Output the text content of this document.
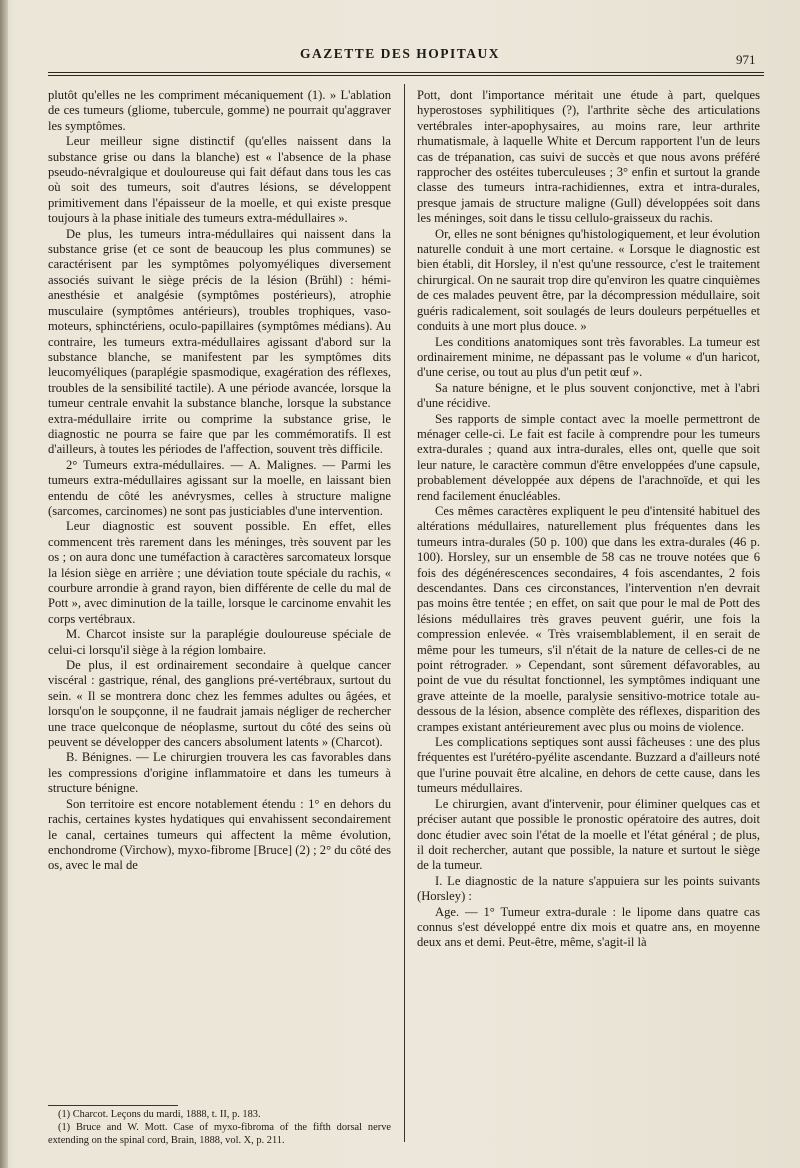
GAZETTE DES HOPITAUX	971

plutôt qu'elles ne les compriment mécaniquement (1). » L'ablation de ces tumeurs (gliome, tubercule, gomme) ne pourrait qu'aggraver les symptômes.

Leur meilleur signe distinctif (qu'elles naissent dans la substance grise ou dans la blanche) est « l'absence de la phase pseudo-névralgique et douloureuse qui fait défaut dans tous les cas où soit des tumeurs, soit d'autres lésions, se développent primitivement dans l'épaisseur de la moelle, et qui existe presque toujours à la phase initiale des tumeurs extra-médullaires ».

De plus, les tumeurs intra-médullaires qui naissent dans la substance grise (et ce sont de beaucoup les plus communes) se caractérisent par les symptômes polyomyéliques diversement associés suivant le siège précis de la lésion (Brühl) : hémi-anesthésie et analgésie (symptômes postérieurs), atrophie musculaire (symptômes antérieurs), troubles trophiques, vaso-moteurs, sphinctériens, oculo-papillaires (symptômes médians). Au contraire, les tumeurs extra-médullaires agissant d'abord sur la substance blanche, se manifestent par les symptômes dits leucomyéliques (paraplégie spasmodique, exagération des réflexes, troubles de la sensibilité tactile). A une période avancée, lorsque la tumeur centrale envahit la substance blanche, lorsque la substance extra-médullaire irrite ou comprime la substance grise, le diagnostic ne pourra se faire que par les commémoratifs. Il est d'ailleurs, à toutes les périodes de l'affection, souvent très difficile.

2° Tumeurs extra-médullaires. — A. Malignes. — Parmi les tumeurs extra-médullaires agissant sur la moelle, en laissant bien entendu de côté les anévrysmes, celles à structure maligne (sarcomes, carcinomes) ne sont pas justiciables d'une intervention.

Leur diagnostic est souvent possible. En effet, elles commencent très rarement dans les méninges, très souvent par les os ; on aura donc une tuméfaction à caractères sarcomateux lorsque la lésion siège en arrière ; une déviation toute spéciale du rachis, « courbure arrondie à grand rayon, bien différente de celle du mal de Pott », avec diminution de la taille, lorsque le carcinome envahit les corps vertébraux.

M. Charcot insiste sur la paraplégie douloureuse spéciale de celui-ci lorsqu'il siège à la région lombaire.

De plus, il est ordinairement secondaire à quelque cancer viscéral : gastrique, rénal, des ganglions pré-vertébraux, surtout du sein. « Il se montrera donc chez les femmes adultes ou âgées, et lorsqu'on le soupçonne, il ne faudrait jamais négliger de rechercher une trace quelconque de néoplasme, surtout du côté des seins où peuvent se développer des cancers absolument latents » (Charcot).

B. Bénignes. — Le chirurgien trouvera les cas favorables dans les compressions d'origine inflammatoire et dans les tumeurs à structure bénigne.

Son territoire est encore notablement étendu : 1° en dehors du rachis, certaines kystes hydatiques qui envahissent secondairement le canal, certaines tumeurs qui affectent la même évolution, enchondrome (Virchow), myxo-fibrome [Bruce] (2) ; 2° du côté des os, avec le mal de

Pott, dont l'importance méritait une étude à part, quelques hyperostoses syphilitiques (?), l'arthrite sèche des articulations vertébrales inter-apophysaires, au moins rare, leur arthrite rhumatismale, à laquelle White et Dercum rapportent l'un de leurs cas de trépanation, cas suivi de succès et que nous avons préféré rapprocher des ostéites tuberculeuses ; 3° enfin et surtout la grande classe des tumeurs intra-rachidiennes, extra et intra-durales, presque jamais de structure maligne (Gull) développées soit dans les méninges, soit dans le tissu cellulo-graisseux du rachis.

Or, elles ne sont bénignes qu'histologiquement, et leur évolution naturelle conduit à une mort certaine. « Lorsque le diagnostic est bien établi, dit Horsley, il n'est qu'une ressource, c'est le traitement chirurgical. On ne saurait trop dire qu'environ les quatre cinquièmes de ces malades peuvent être, par la décompression médullaire, soit guéris radicalement, soit soulagés de leurs douleurs perpétuelles et conduits à une mort plus douce. »

Les conditions anatomiques sont très favorables. La tumeur est ordinairement minime, ne dépassant pas le volume « d'un haricot, d'une cerise, ou tout au plus d'un petit œuf ».

Sa nature bénigne, et le plus souvent conjonctive, met à l'abri d'une récidive.

Ses rapports de simple contact avec la moelle permettront de ménager celle-ci. Le fait est facile à comprendre pour les tumeurs extra-durales ; quand aux intra-durales, elles ont, quelle que soit leur nature, le caractère commun d'être enveloppées d'une capsule, probablement développée aux dépens de l'arachnoïde, et qui les rend facilement énucléables.

Ces mêmes caractères expliquent le peu d'intensité habituel des altérations médullaires, naturellement plus fréquentes dans les tumeurs intra-durales (50 p. 100) que dans les extra-durales (46 p. 100). Horsley, sur un ensemble de 58 cas ne trouve notées que 6 fois des dégénérescences secondaires, 4 fois ascendantes, 2 fois descendantes. Dans ces circonstances, l'intervention n'en devrait pas moins être tentée ; en effet, on sait que pour le mal de Pott des lésions médullaires très graves peuvent guérir, une fois la compression enlevée. « Très vraisemblablement, il en serait de même pour les tumeurs, s'il n'était de la nature de celles-ci de ne point rétrograder. » Cependant, sont sûrement défavorables, au point de vue du résultat fonctionnel, les symptômes indiquant une grave atteinte de la moelle, paralysie sensitivo-motrice totale au-dessous de la lésion, absence complète des réflexes, disparition des crampes existant antérieurement avec plus ou moins de violence.

Les complications septiques sont aussi fâcheuses : une des plus fréquentes est l'urétéro-pyélite ascendante. Buzzard a d'ailleurs noté que l'urine pouvait être alcaline, en dehors de cette cause, dans les tumeurs médullaires.

Le chirurgien, avant d'intervenir, pour éliminer quelques cas et préciser autant que possible le pronostic opératoire des autres, doit donc étudier avec soin l'état de la moelle et l'état général ; de plus, il doit rechercher, autant que possible, la nature et surtout le siège de la tumeur.

I. Le diagnostic de la nature s'appuiera sur les points suivants (Horsley) :

Age. — 1° Tumeur extra-durale : le lipome dans quatre cas connus s'est développé entre dix mois et quatre ans, en moyenne deux ans et demi. Peut-être, même, s'agit-il là

(1) Charcot. Leçons du mardi, 1888, t. II, p. 183.

(1) Bruce and W. Mott. Case of myxo-fibroma of the fifth dorsal nerve extending on the spinal cord, Brain, 1888, vol. X, p. 211.
